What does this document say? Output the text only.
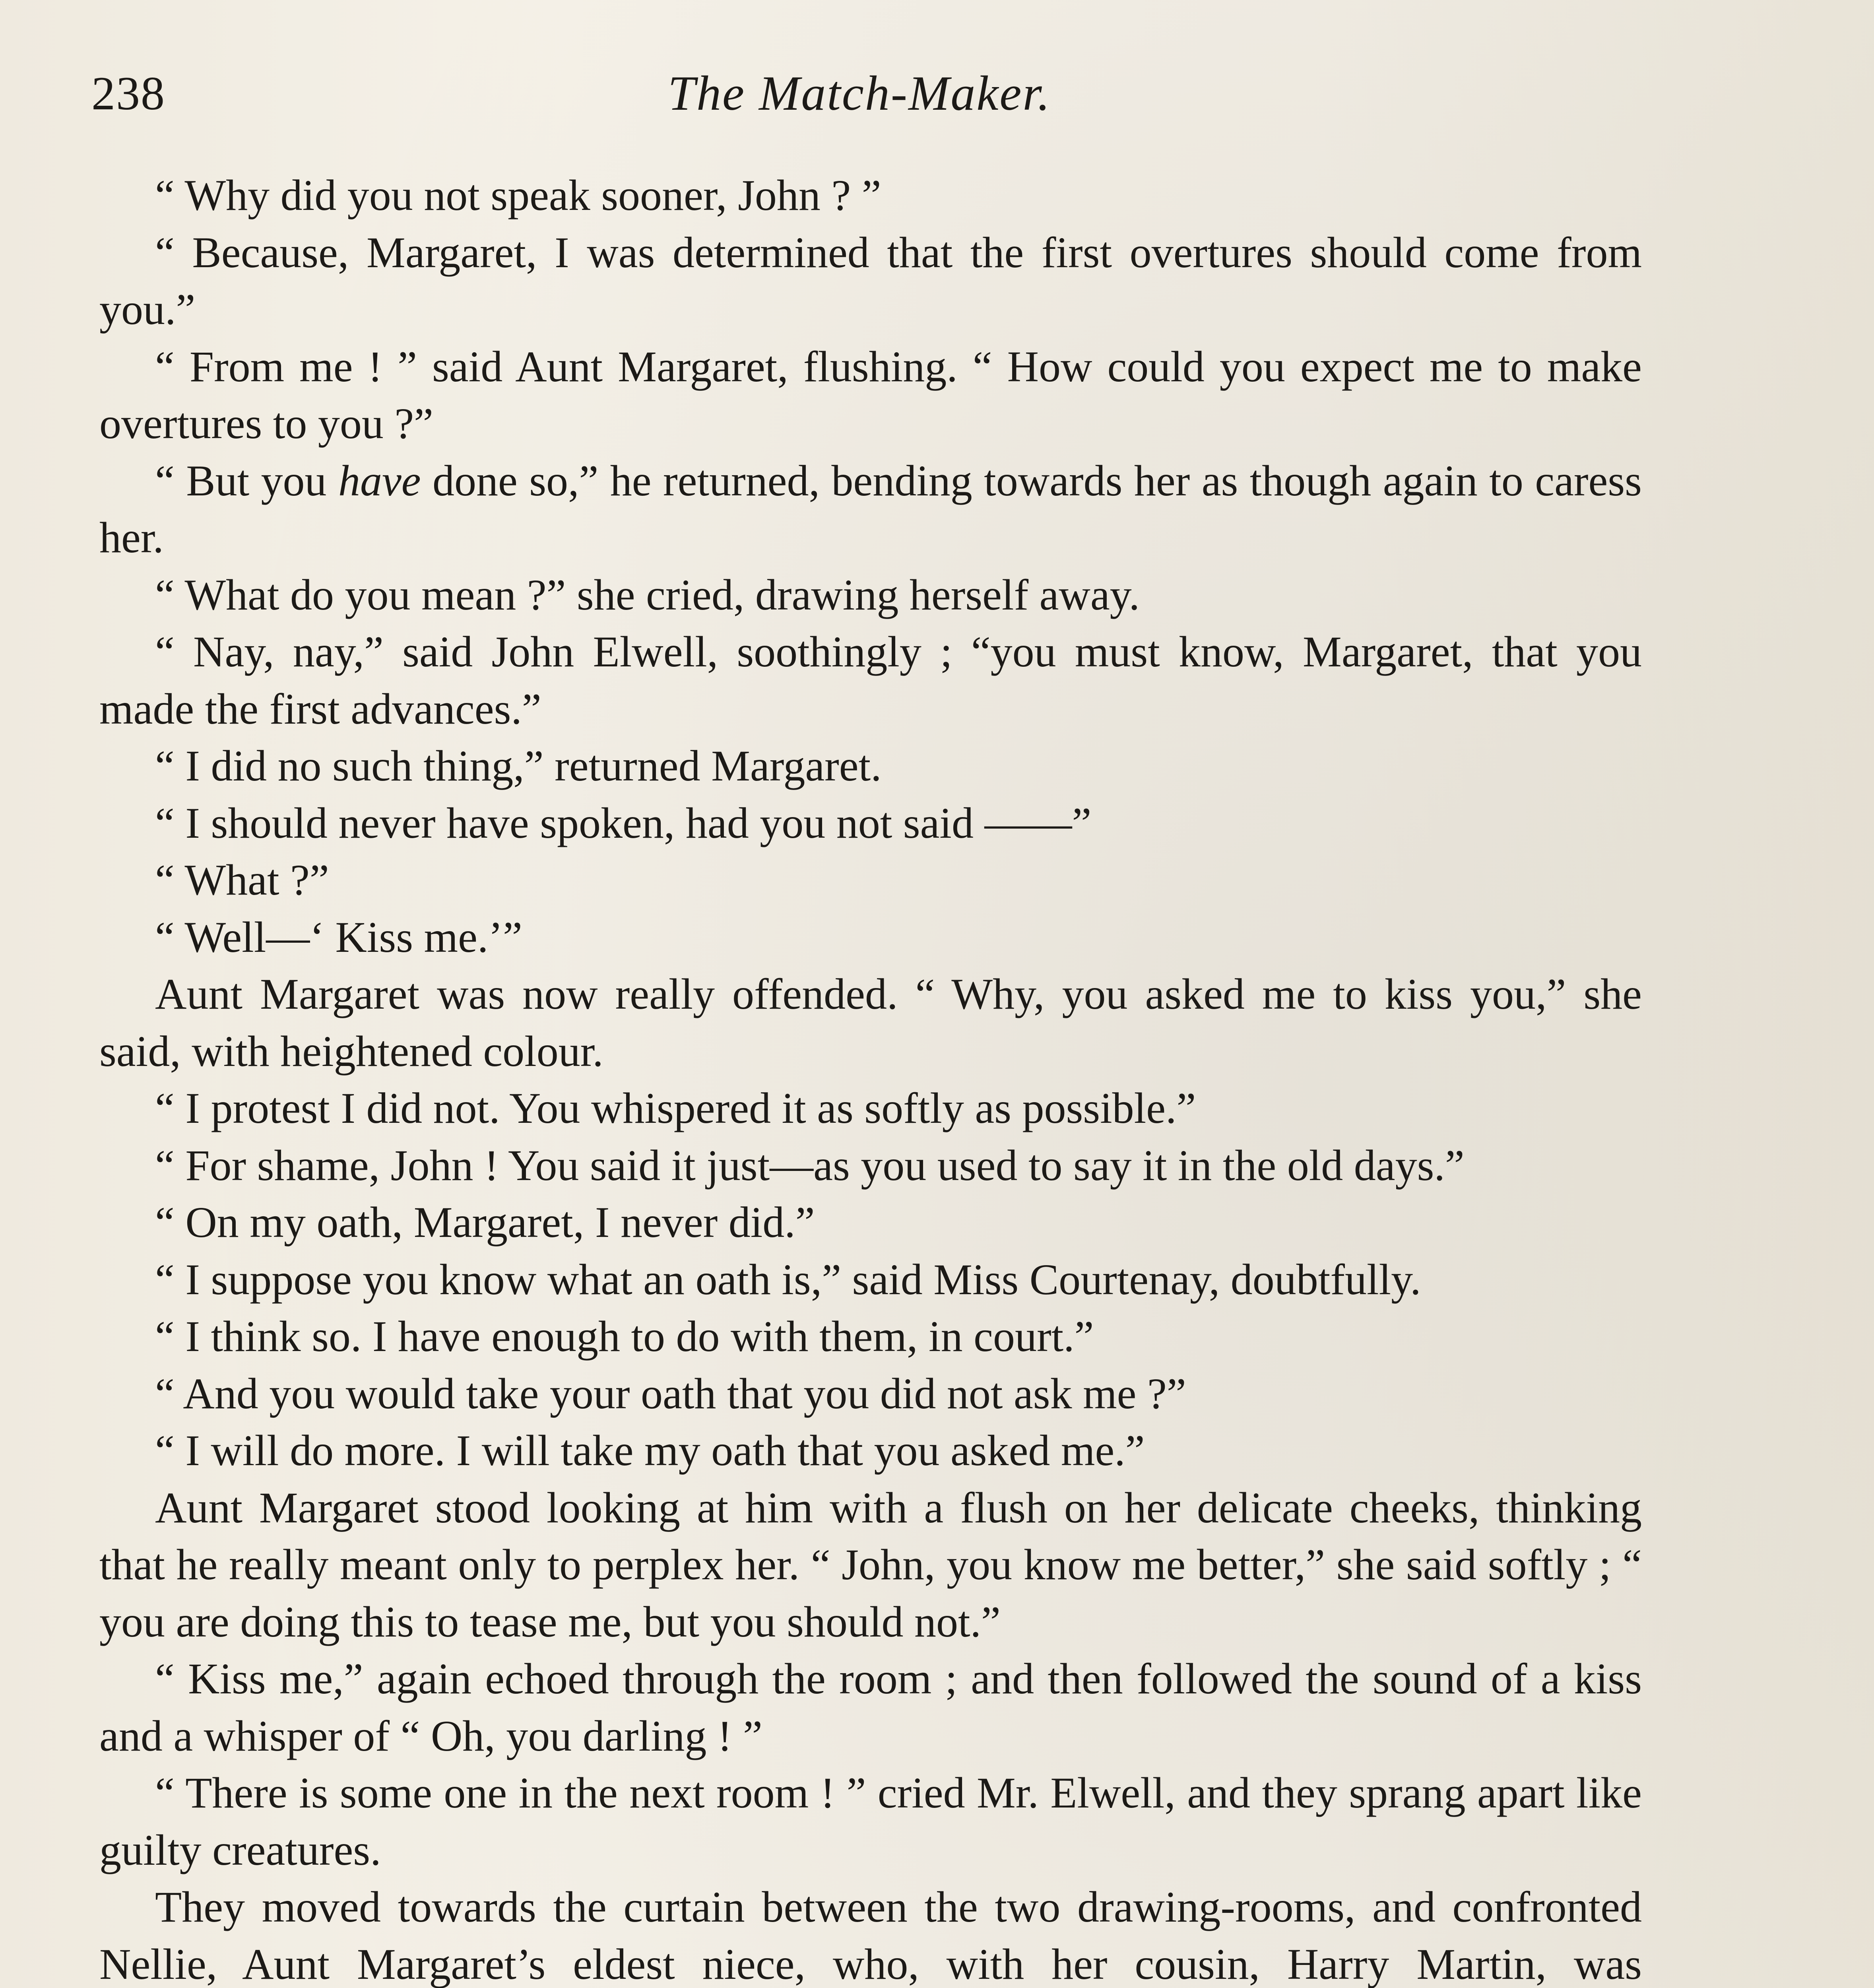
238	The Match-Maker.

“ Why did you not speak sooner, John ? ”

“ Because, Margaret, I was determined that the first overtures should come from you.”

“ From me ! ” said Aunt Margaret, flushing. “ How could you expect me to make overtures to you ?”

“ But you have done so,” he returned, bending towards her as though again to caress her.

“ What do you mean ?” she cried, drawing herself away.

“ Nay, nay,” said John Elwell, soothingly ; “you must know, Margaret, that you made the first advances.”

“ I did no such thing,” returned Margaret.

“ I should never have spoken, had you not said ——”

“ What ?”

“ Well—‘ Kiss me.’”

Aunt Margaret was now really offended. “ Why, you asked me to kiss you,” she said, with heightened colour.

“ I protest I did not. You whispered it as softly as possible.”

“ For shame, John ! You said it just—as you used to say it in the old days.”

“ On my oath, Margaret, I never did.”

“ I suppose you know what an oath is,” said Miss Courtenay, doubtfully.

“ I think so. I have enough to do with them, in court.”

“ And you would take your oath that you did not ask me ?”

“ I will do more. I will take my oath that you asked me.”

Aunt Margaret stood looking at him with a flush on her delicate cheeks, thinking that he really meant only to perplex her. “ John, you know me better,” she said softly ; “ you are doing this to tease me, but you should not.”

“ Kiss me,” again echoed through the room ; and then followed the sound of a kiss and a whisper of “ Oh, you darling ! ”

“ There is some one in the next room ! ” cried Mr. Elwell, and they sprang apart like guilty creatures.

They moved towards the curtain between the two drawing-rooms, and confronted Nellie, Aunt Margaret’s eldest niece, who, with her cousin, Harry Martin, was
